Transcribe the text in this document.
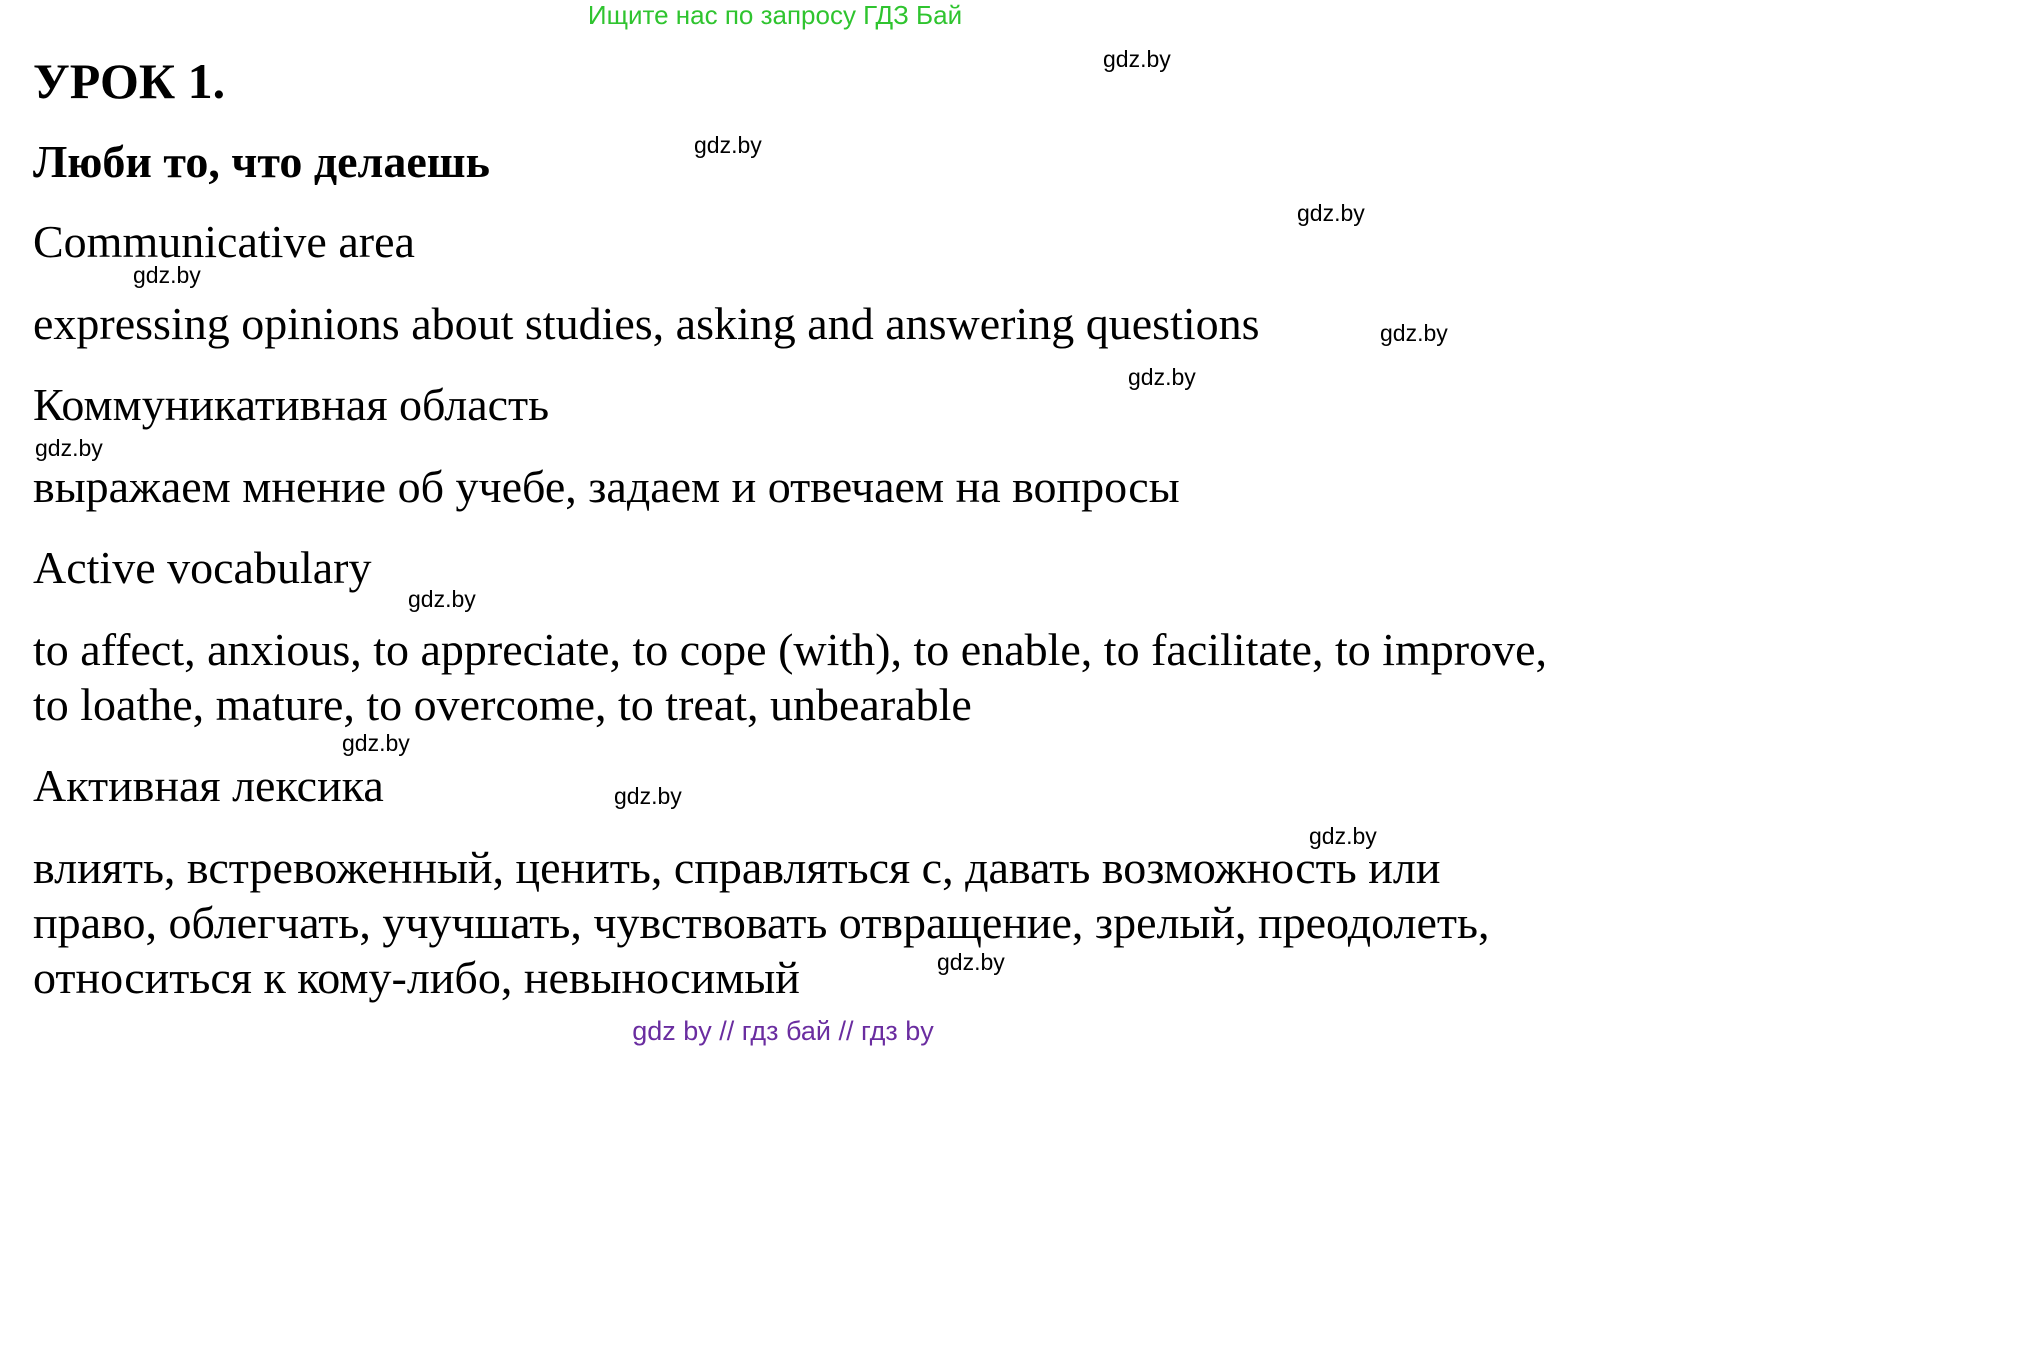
Ищите нас по запросу ГДЗ Бай
gdz by // гдз бай // гдз by
УРОК 1.
Люби то, что делаешь
Communicative area
expressing opinions about studies, asking and answering questions
Коммуникативная область
выражаем мнение об учебе, задаем и отвечаем на вопросы
Active vocabulary
to affect, anxious, to appreciate, to cope (with), to enable, to facilitate, to improve,
to loathe, mature, to overcome, to treat, unbearable
Активная лексика
влиять, встревоженный, ценить, справляться с, давать возможность или
право, облегчать, учучшать, чувствовать отвращение, зрелый, преодолеть,
относиться к кому-либо, невыносимый
gdz.by
gdz.by
gdz.by
gdz.by
gdz.by
gdz.by
gdz.by
gdz.by
gdz.by
gdz.by
gdz.by
gdz.by
